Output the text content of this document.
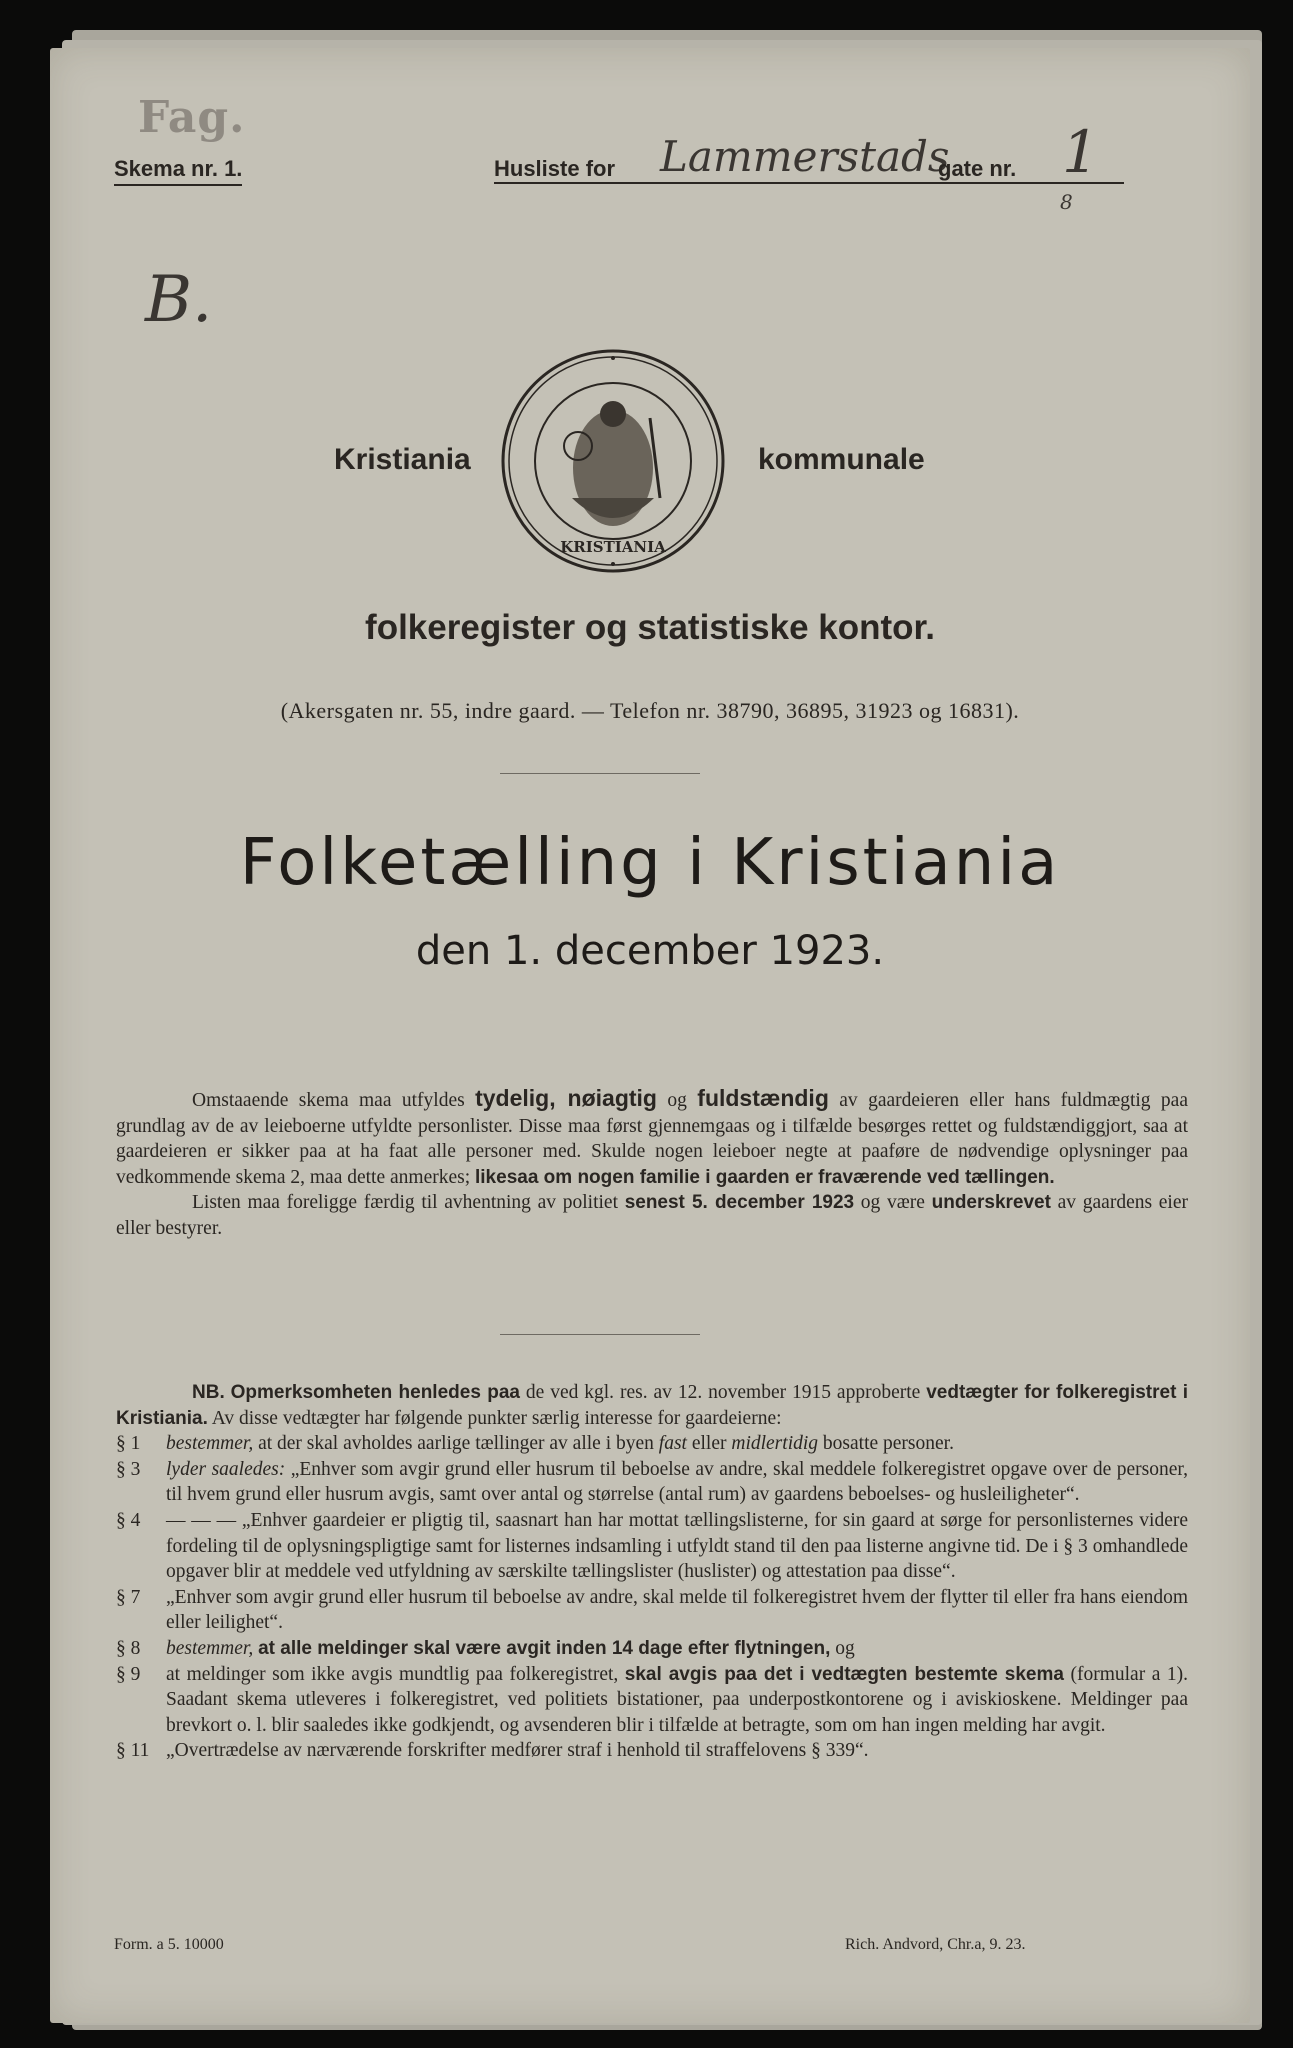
Fag.
Skema nr. 1.	Husliste for Lammerstads
gate nr. 1
8
B.
Kristiania
KRISTIANIA
kommunale
folkeregister og statistiske kontor.
(Akersgaten nr. 55, indre gaard. — Telefon nr. 38790, 36895, 31923 og 16831).
Folketælling i Kristiania
den 1. december 1923.

Omstaaende skema maa utfyldes tydelig, nøiagtig og fuldstændig av gaardeieren eller hans fuldmægtig paa grundlag av de av leieboerne utfyldte personlister. Disse maa først gjennemgaas og i tilfælde besørges rettet og fuldstændiggjort, saa at gaardeieren er sikker paa at ha faat alle personer med. Skulde nogen leieboer negte at paaføre de nødvendige oplysninger paa vedkommende skema 2, maa dette anmerkes; likesaa om nogen familie i gaarden er fraværende ved tællingen.

Listen maa foreligge færdig til avhentning av politiet senest 5. december 1923 og være underskrevet av gaardens eier eller bestyrer.

NB. Opmerksomheten henledes paa de ved kgl. res. av 12. november 1915 approberte vedtægter for folkeregistret i Kristiania. Av disse vedtægter har følgende punkter særlig interesse for gaardeierne:
§ 1	bestemmer, at der skal avholdes aarlige tællinger av alle i byen fast eller midlertidig bosatte personer.
§ 3	lyder saaledes: „Enhver som avgir grund eller husrum til beboelse av andre, skal meddele folkeregistret opgave over de personer, til hvem grund eller husrum avgis, samt over antal og størrelse (antal rum) av gaardens beboelses- og husleiligheter“.
§ 4	— — — „Enhver gaardeier er pligtig til, saasnart han har mottat tællingslisterne, for sin gaard at sørge for personlisternes videre fordeling til de oplysningspligtige samt for listernes indsamling i utfyldt stand til den paa listerne angivne tid. De i § 3 omhandlede opgaver blir at meddele ved utfyldning av særskilte tællingslister (huslister) og attestation paa disse“.
§ 7	„Enhver som avgir grund eller husrum til beboelse av andre, skal melde til folkeregistret hvem der flytter til eller fra hans eiendom eller leilighet“.
§ 8	bestemmer, at alle meldinger skal være avgit inden 14 dage efter flytningen, og
§ 9	at meldinger som ikke avgis mundtlig paa folkeregistret, skal avgis paa det i vedtægten bestemte skema (formular a 1). Saadant skema utleveres i folkeregistret, ved politiets bistationer, paa underpostkontorene og i aviskioskene. Meldinger paa brevkort o. l. blir saaledes ikke godkjendt, og avsenderen blir i tilfælde at betragte, som om han ingen melding har avgit.
§ 11 „Overtrædelse av nærværende forskrifter medfører straf i henhold til straffelovens § 339“.
Form. a 5. 10000	Rich. Andvord, Chr.a, 9. 23.
